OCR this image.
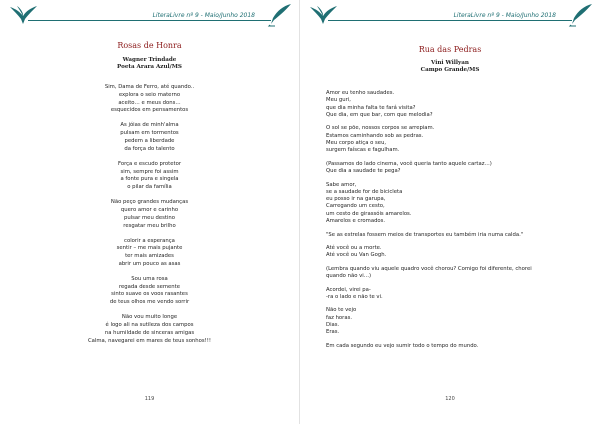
LiteraLivre nº 9 - Maio/Junho 2018
Rosas de Honra
Wagner Trindade
Poeta Arara Azul/MS
Sim, Dama de Ferro, até quando..
explora o seio materno
aceito… e meus dons…
esquecidos em pensamentos
As jóias de minh'alma
pulsam em tormentos
pedem a liberdade
da força do talento
Força e escudo protetor
sim, sempre foi assim
a fonte pura e singela
o pilar da família
Não peço grandes mudanças
quero amor e carinho
pulsar meu destino
resgatar meu brilho
colorir a esperança
sentir – me mais pujante
ter mais amizades
abrir um pouco as asas
Sou uma rosa
regada desde semente
sinto suave os voos rasantes
de teus olhos me vendo sorrir
Não vou muito longe
é logo ali na sutileza dos campos
na humildade de sinceras amigas
Calma, navegarei em mares de teus sonhos!!!
119
LiteraLivre nº 9 - Maio/Junho 2018
Rua das Pedras
Vini Willyan
Campo Grande/MS
Amor eu tenho saudades.
Meu guri,
que dia minha falta te fará visita?
Que dia, em que bar, com que melodia?
O sol se põe, nossos corpos se arrepiam.
Estamos caminhando sob as pedras.
Meu corpo atiça o seu,
surgem faíscas e fagulham.
(Passamos do lado cinema, você queria tanto aquele cartaz…)
Que dia a saudade te pega?
Sabe amor,
se a saudade for de bicicleta
eu posso ir na garupa,
Carregando um cesto,
um cesto de girassóis amarelos.
Amarelos e cromados.
"Se as estrelas fossem meios de transportes eu também iria numa calda."
Até você ou a morte.
Até você ou Van Gogh.
(Lembra quando viu aquele quadro você chorou? Comigo foi diferente, chorei
quando não vi…)
Acordei, virei pa-
-ra o lado e não te vi.
Não te vejo
faz horas.
Dias.
Eras.
Em cada segundo eu vejo sumir todo o tempo do mundo.
120
